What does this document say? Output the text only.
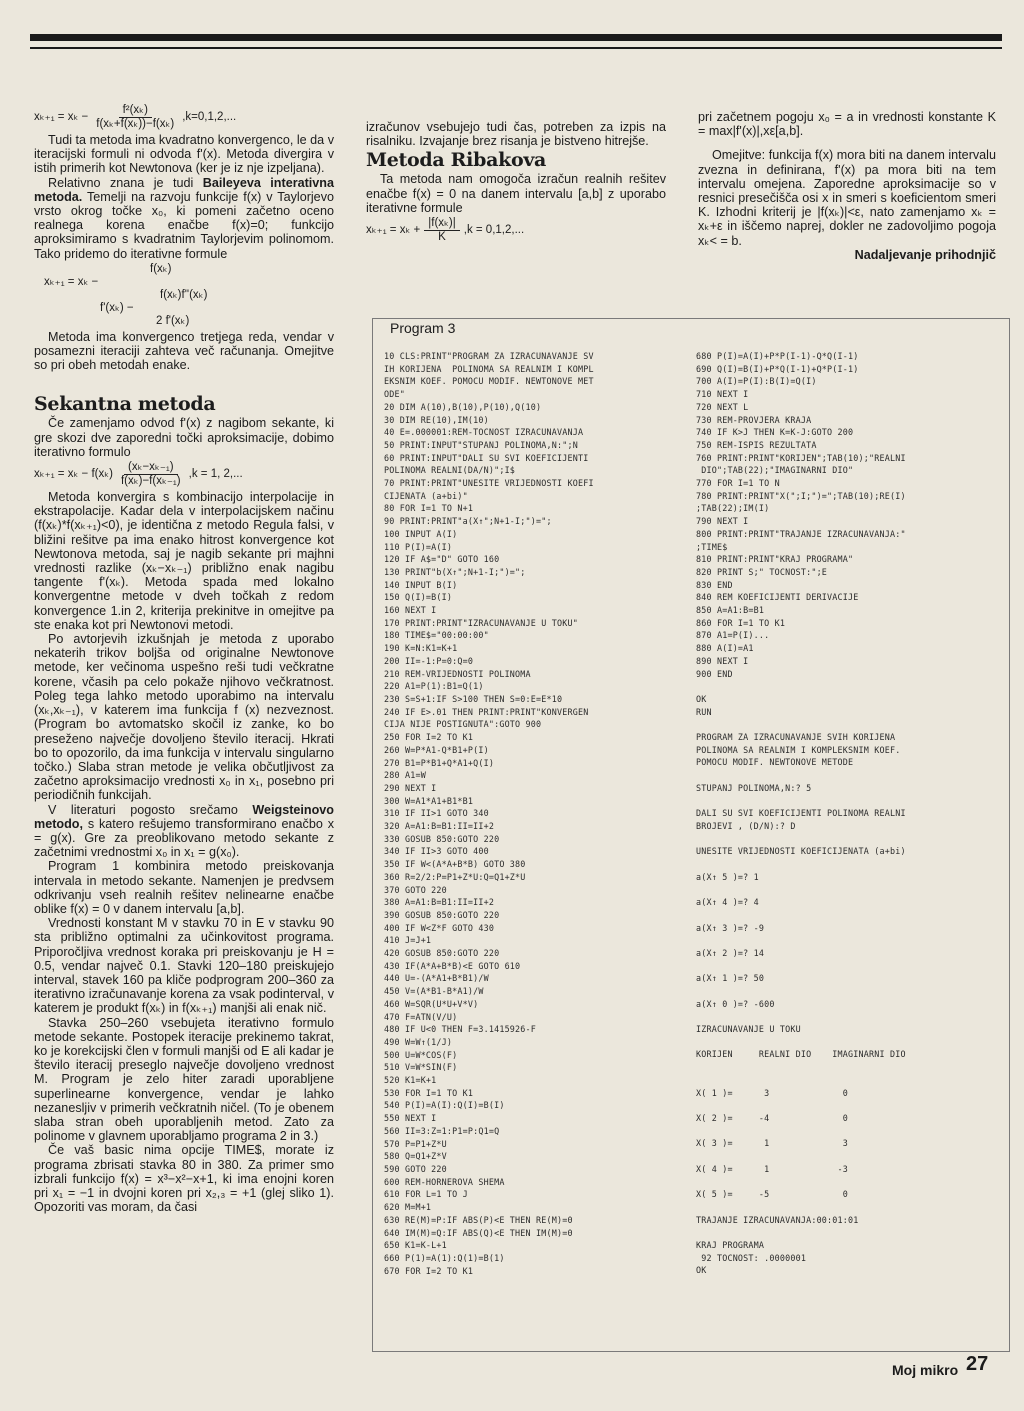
$x_{k+1} = x_k - \frac{\text{f²(xₖ)}}{\text{f(xₖ+f(xₖ))−f(xₖ)}} ,k=0,1,2$,...

Tudi ta metoda ima kvadratno konvergenco, le da v iteracijski formuli ni odvoda f'(x). Metoda divergira v istih primerih kot Newtonova (ker je iz nje izpeljana).

Relativno znana je tudi Baileyeva interativna metoda. Temelji na razvoju funkcije f(x) v Taylorjevo vrsto okrog točke x₀, ki pomeni začetno oceno realnega korena enačbe f(x)=0; funkcijo aproksimiramo s kvadratnim Taylorjevim polinomom. Tako pridemo do iterativne formule

f(xₖ)
xₖ₊₁ = xₖ −
f(xₖ)f''(xₖ)
f'(xₖ) −
2 f'(xₖ)

Metoda ima konvergenco tretjega reda, vendar v posamezni iteraciji zahteva več računanja. Omejitve so pri obeh metodah enake.

Sekantna metoda

Če zamenjamo odvod f'(x) z nagibom sekante, ki gre skozi dve zaporedni točki aproksimacije, dobimo iterativno formulo

$x_{k+1} = x_k - f(x_k) \frac{\text{(xₖ−xₖ₋₁)}}{\text{f(xₖ)−f(xₖ₋₁)}} ,k = 1$, 2,...

Metoda konvergira s kombinacijo interpolacije in ekstrapolacije. Kadar dela v interpolacijskem načinu (f(xₖ)*f(xₖ₊₁)<0), je identična z metodo Regula falsi, v bližini rešitve pa ima enako hitrost konvergence kot Newtonova metoda, saj je nagib sekante pri majhni vrednosti razlike (xₖ−xₖ₋₁) približno enak nagibu tangente f'(xₖ). Metoda spada med lokalno konvergentne metode v dveh točkah z redom konvergence 1.in 2, kriterija prekinitve in omejitve pa ste enaka kot pri Newtonovi metodi.

Po avtorjevih izkušnjah je metoda z uporabo nekaterih trikov boljša od originalne Newtonove metode, ker večinoma uspešno reši tudi večkratne korene, včasih pa celo pokaže njihovo večkratnost. Poleg tega lahko metodo uporabimo na intervalu (xₖ,xₖ₋₁), v katerem ima funkcija f (x) nezveznost. (Program bo avtomatsko skočil iz zanke, ko bo preseženo največje dovoljeno število iteracij. Hkrati bo to opozorilo, da ima funkcija v intervalu singularno točko.) Slaba stran metode je velika občutljivost za začetno aproksimacijo vrednosti x₀ in x₁, posebno pri periodičnih funkcijah.

V literaturi pogosto srečamo Weigsteinovo metodo, s katero rešujemo transformirano enačbo x = g(x). Gre za preoblikovano metodo sekante z začetnimi vrednostmi x₀ in x₁ = g(x₀).

Program 1 kombinira metodo preiskovanja intervala in metodo sekante. Namenjen je predvsem odkrivanju vseh realnih rešitev nelinearne enačbe oblike f(x) = 0 v danem intervalu [a,b].

Vrednosti konstant M v stavku 70 in E v stavku 90 sta približno optimalni za učinkovitost programa. Priporočljiva vrednost koraka pri preiskovanju je H = 0.5, vendar največ 0.1. Stavki 120–180 preiskujejo interval, stavek 160 pa kliče podprogram 200–360 za iterativno izračunavanje korena za vsak podinterval, v katerem je produkt f(xₖ) in f(xₖ₊₁) manjši ali enak nič.

Stavka 250–260 vsebujeta iterativno formulo metode sekante. Postopek iteracije prekinemo takrat, ko je korekcijski člen v formuli manjši od E ali kadar je število iteracij preseglo največje dovoljeno vrednost M. Program je zelo hiter zaradi uporabljene superlinearne konvergence, vendar je lahko nezanesljiv v primerih večkratnih ničel. (To je obenem slaba stran obeh uporabljenih metod. Zato za polinome v glavnem uporabljamo programa 2 in 3.)

Če vaš basic nima opcije TIME$, morate iz programa zbrisati stavka 80 in 380. Za primer smo izbrali funkcijo f(x) = x³−x²−x+1, ki ima enojni koren pri x₁ = −1 in dvojni koren pri x₂,₃ = +1 (glej sliko 1). Opozoriti vas moram, da časi

izračunov vsebujejo tudi čas, potreben za izpis na risalniku. Izvajanje brez risanja je bistveno hitrejše.

Metoda Ribakova

Ta metoda nam omogoča izračun realnih rešitev enačbe f(x) = 0 na danem intervalu [a,b] z uporabo iterativne formule

$x_{k+1} = x_k + \frac{\text{|f(xₖ)|}}{K} ,k = 0,1,2$,...

pri začetnem pogoju x₀ = a in vrednosti konstante K = max|f'(x)|,xε[a,b].

Omejitve: funkcija f(x) mora biti na danem intervalu zvezna in definirana, f'(x) pa mora biti na tem intervalu omejena. Zaporedne aproksimacije so v resnici presečišča osi x in smeri s koeficientom smeri K. Izhodni kriterij je |f(xₖ)|<ε, nato zamenjamo xₖ = xₖ+ε in iščemo naprej, dokler ne zadovoljimo pogoja xₖ< = b.

Nadaljevanje prihodnjič

Program 3
10 CLS:PRINT"PROGRAM ZA IZRACUNAVANJE SV
IH KORIJENA  POLINOMA SA REALNIM I KOMPL
EKSNIM KOEF. POMOCU MODIF. NEWTONOVE MET
ODE"
20 DIM A(10),B(10),P(10),Q(10)
30 DIM RE(10),IM(10)
40 E=.000001:REM-TOCNOST IZRACUNAVANJA
50 PRINT:INPUT"STUPANJ POLINOMA,N:";N
60 PRINT:INPUT"DALI SU SVI KOEFICIJENTI
POLINOMA REALNI(DA/N)";I$
70 PRINT:PRINT"UNESITE VRIJEDNOSTI KOEFI
CIJENATA (a+bi)"
80 FOR I=1 TO N+1
90 PRINT:PRINT"a(X↑";N+1-I;")=";
100 INPUT A(I)
110 P(I)=A(I)
120 IF A$="D" GOTO 160
130 PRINT"b(X↑";N+1-I;")=";
140 INPUT B(I)
150 Q(I)=B(I)
160 NEXT I
170 PRINT:PRINT"IZRACUNAVANJE U TOKU"
180 TIME$="00:00:00"
190 K=N:K1=K+1
200 II=-1:P=0:Q=0
210 REM-VRIJEDNOSTI POLINOMA
220 A1=P(1):B1=Q(1)
230 S=S+1:IF S>100 THEN S=0:E=E*10
240 IF E>.01 THEN PRINT:PRINT"KONVERGEN
CIJA NIJE POSTIGNUTA":GOTO 900
250 FOR I=2 TO K1
260 W=P*A1-Q*B1+P(I)
270 B1=P*B1+Q*A1+Q(I)
280 A1=W
290 NEXT I
300 W=A1*A1+B1*B1
310 IF II>1 GOTO 340
320 A=A1:B=B1:II=II+2
330 GOSUB 850:GOTO 220
340 IF II>3 GOTO 400
350 IF W<(A*A+B*B) GOTO 380
360 R=2/2:P=P1+Z*U:Q=Q1+Z*U
370 GOTO 220
380 A=A1:B=B1:II=II+2
390 GOSUB 850:GOTO 220
400 IF W<Z*F GOTO 430
410 J=J+1
420 GOSUB 850:GOTO 220
430 IF(A*A+B*B)<E GOTO 610
440 U=-(A*A1+B*B1)/W
450 V=(A*B1-B*A1)/W
460 W=SQR(U*U+V*V)
470 F=ATN(V/U)
480 IF U<0 THEN F=3.1415926-F
490 W=W↑(1/J)
500 U=W*COS(F)
510 V=W*SIN(F)
520 K1=K+1
530 FOR I=1 TO K1
540 P(I)=A(I):Q(I)=B(I)
550 NEXT I
560 II=3:Z=1:P1=P:Q1=Q
570 P=P1+Z*U
580 Q=Q1+Z*V
590 GOTO 220
600 REM-HORNEROVA SHEMA
610 FOR L=1 TO J
620 M=M+1
630 RE(M)=P:IF ABS(P)<E THEN RE(M)=0
640 IM(M)=Q:IF ABS(Q)<E THEN IM(M)=0
650 K1=K-L+1
660 P(1)=A(1):Q(1)=B(1)
670 FOR I=2 TO K1
680 P(I)=A(I)+P*P(I-1)-Q*Q(I-1)
690 Q(I)=B(I)+P*Q(I-1)+Q*P(I-1)
700 A(I)=P(I):B(I)=Q(I)
710 NEXT I
720 NEXT L
730 REM-PROVJERA KRAJA
740 IF K>J THEN K=K-J:GOTO 200
750 REM-ISPIS REZULTATA
760 PRINT:PRINT"KORIJEN";TAB(10);"REALNI
DIO";TAB(22);"IMAGINARNI DIO"
770 FOR I=1 TO N
780 PRINT:PRINT"X(";I;")=";TAB(10);RE(I)
;TAB(22);IM(I)
790 NEXT I
800 PRINT:PRINT"TRAJANJE IZRACUNAVANJA:"
;TIME$
810 PRINT:PRINT"KRAJ PROGRAMA"
820 PRINT S;" TOCNOST:";E
830 END
840 REM KOEFICIJENTI DERIVACIJE
850 A=A1:B=B1
860 FOR I=1 TO K1
870 A1=P(I)...
880 A(I)=A1
890 NEXT I
900 END
OK
RUN
PROGRAM ZA IZRACUNAVANJE SVIH KORIJENA
POLINOMA SA REALNIM I KOMPLEKSNIM KOEF.
POMOCU MODIF. NEWTONOVE METODE
STUPANJ POLINOMA,N:? 5
DALI SU SVI KOEFICIJENTI POLINOMA REALNI
BROJEVI , (D/N):? D
UNESITE VRIJEDNOSTI KOEFICIJENATA (a+bi)
a(X↑ 5 )=? 1
a(X↑ 4 )=? 4
a(X↑ 3 )=? -9
a(X↑ 2 )=? 14
a(X↑ 1 )=? 50
a(X↑ 0 )=? -600
IZRACUNAVANJE U TOKU
KORIJEN     REALNI DIO    IMAGINARNI DIO
X( 1 )=      3              0
X( 2 )=     -4              0
X( 3 )=      1              3
X( 4 )=      1             -3
X( 5 )=     -5              0
TRAJANJE IZRACUNAVANJA:00:01:01
KRAJ PROGRAMA
92 TOCNOST: .0000001
OK
Moj mikro 27
